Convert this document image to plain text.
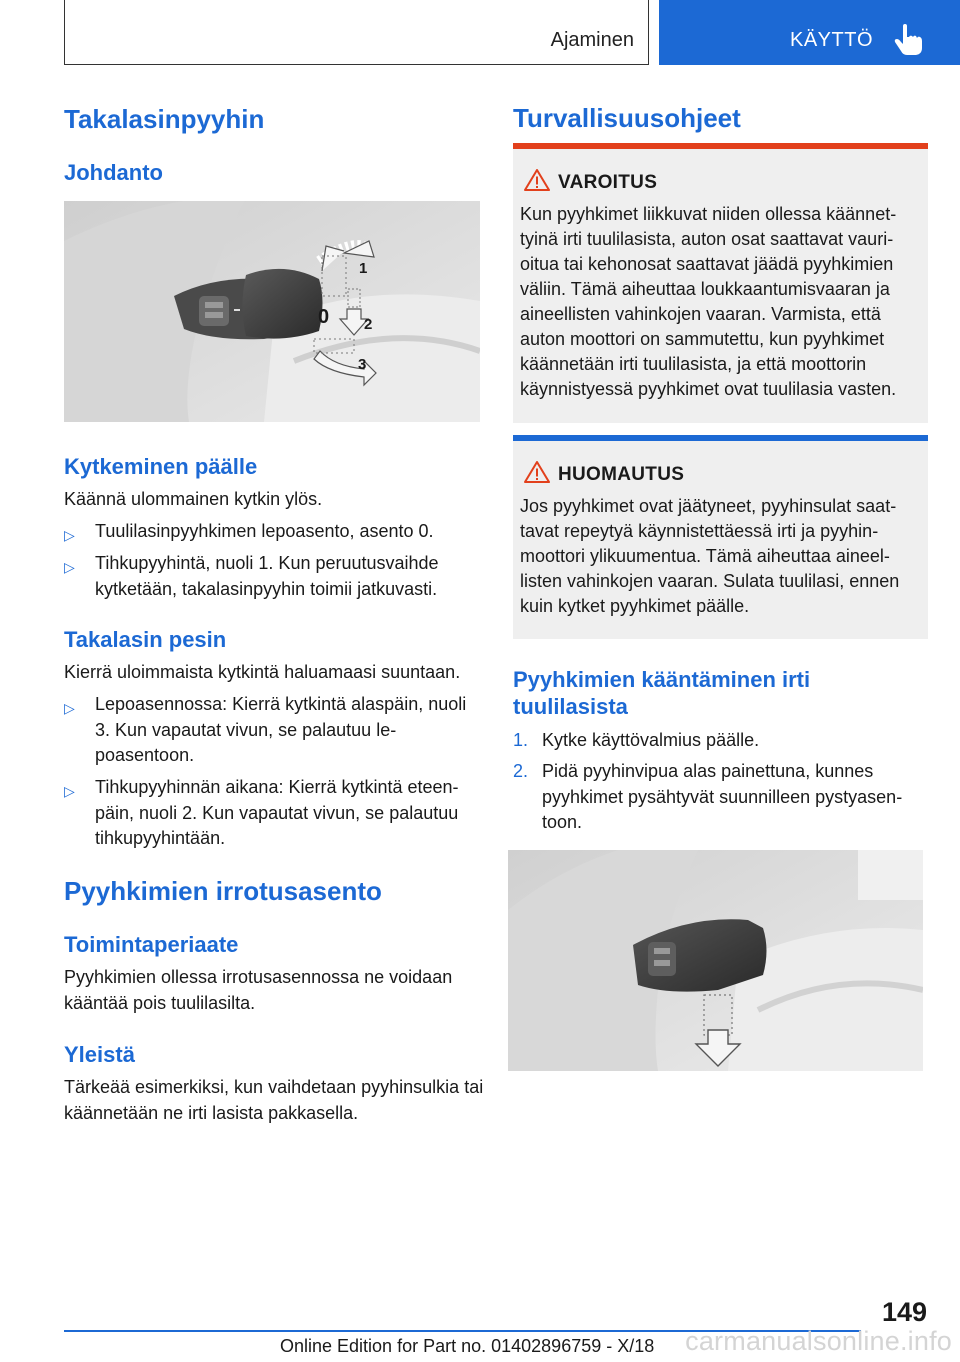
Ajaminen	KÄYTTÖ
Takalasinpyyhin
Johdanto
1
0 2
3
Kytkeminen päälle
Käännä ulommainen kytkin ylös.
▷ Tuulilasinpyyhkimen lepoasento, asento 0.
▷ Tihkupyyhintä, nuoli 1. Kun peruutusvaihde kytketään, takalasinpyyhin toimii jatkuvasti.
Takalasin pesin
Kierrä uloimmaista kytkintä haluamaasi suuntaan.
▷ Lepoasennossa: Kierrä kytkintä alaspäin, nuoli 3. Kun vapautat vivun, se palautuu lepoasentoon.
▷ Tihkupyyhinnän aikana: Kierrä kytkintä eteenpäin, nuoli 2. Kun vapautat vivun, se palautuu tihkupyyhintään.
Pyyhkimien irrotusasento
Toimintaperiaate
Pyyhkimien ollessa irrotusasennossa ne voidaan kääntää pois tuulilasilta.
Yleistä
Tärkeää esimerkiksi, kun vaihdetaan pyyhinsulkia tai käännetään ne irti lasista pakkasella.
Turvallisuusohjeet
VAROITUS
Kun pyyhkimet liikkuvat niiden ollessa käännettyinä irti tuulilasista, auton osat saattavat vaurioitua tai kehonosat saattavat jäädä pyyhkimien väliin. Tämä aiheuttaa loukkaantumisvaaran ja aineellisten vahinkojen vaaran. Varmista, että auton moottori on sammutettu, kun pyyhkimet käännetään irti tuulilasista, ja että moottorin käynnistyessä pyyhkimet ovat tuulilasia vasten.
HUOMAUTUS
Jos pyyhkimet ovat jäätyneet, pyyhinsulat saattavat repeytyä käynnistettäessä irti ja pyyhinmoottori ylikuumentua. Tämä aiheuttaa aineellisten vahinkojen vaaran. Sulata tuulilasi, ennen kuin kytket pyyhkimet päälle.
Pyyhkimien kääntäminen irti tuulilasista
1. Kytke käyttövalmius päälle.
2. Pidä pyyhinvipua alas painettuna, kunnes pyyhkimet pysähtyvät suunnilleen pystyasentoon.
149
Online Edition for Part no. 01402896759 - X/18 carmanualsonline.info
